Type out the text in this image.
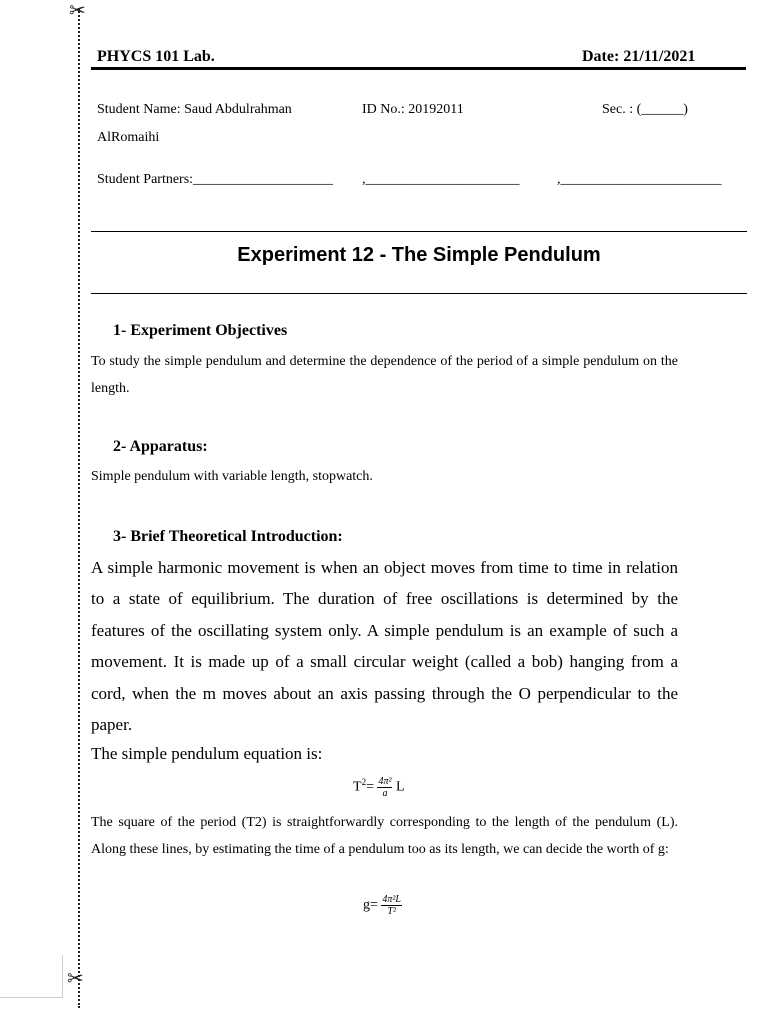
✂
✂
PHYCS 101 Lab.	Date: 21/11/2021
Student Name: Saud Abdulrahman
AlRomaihi
ID No.: 20192011	Sec. : (______)
Student Partners:____________________ ,______________________	,_______________________
Experiment 12 - The Simple Pendulum
1- Experiment Objectives
To study the simple pendulum and determine the dependence of the period of a simple pendulum on the length.
2- Apparatus:
Simple pendulum with variable length, stopwatch.
3- Brief Theoretical Introduction:
A simple harmonic movement is when an object moves from time to time in relation to a state of equilibrium. The duration of free oscillations is determined by the features of the oscillating system only. A simple pendulum is an example of such a movement. It is made up of a small circular weight (called a bob) hanging from a cord, when the m moves about an axis passing through the O perpendicular to the paper.
The simple pendulum equation is:
$T^2= \frac{\text{4π²}}{a}$ L
The square of the period (T2) is straightforwardly corresponding to the length of the pendulum (L). Along these lines, by estimating the time of a pendulum too as its length, we can decide the worth of g:
$g= \frac{\text{4π²L}}{\text{T²}}$
